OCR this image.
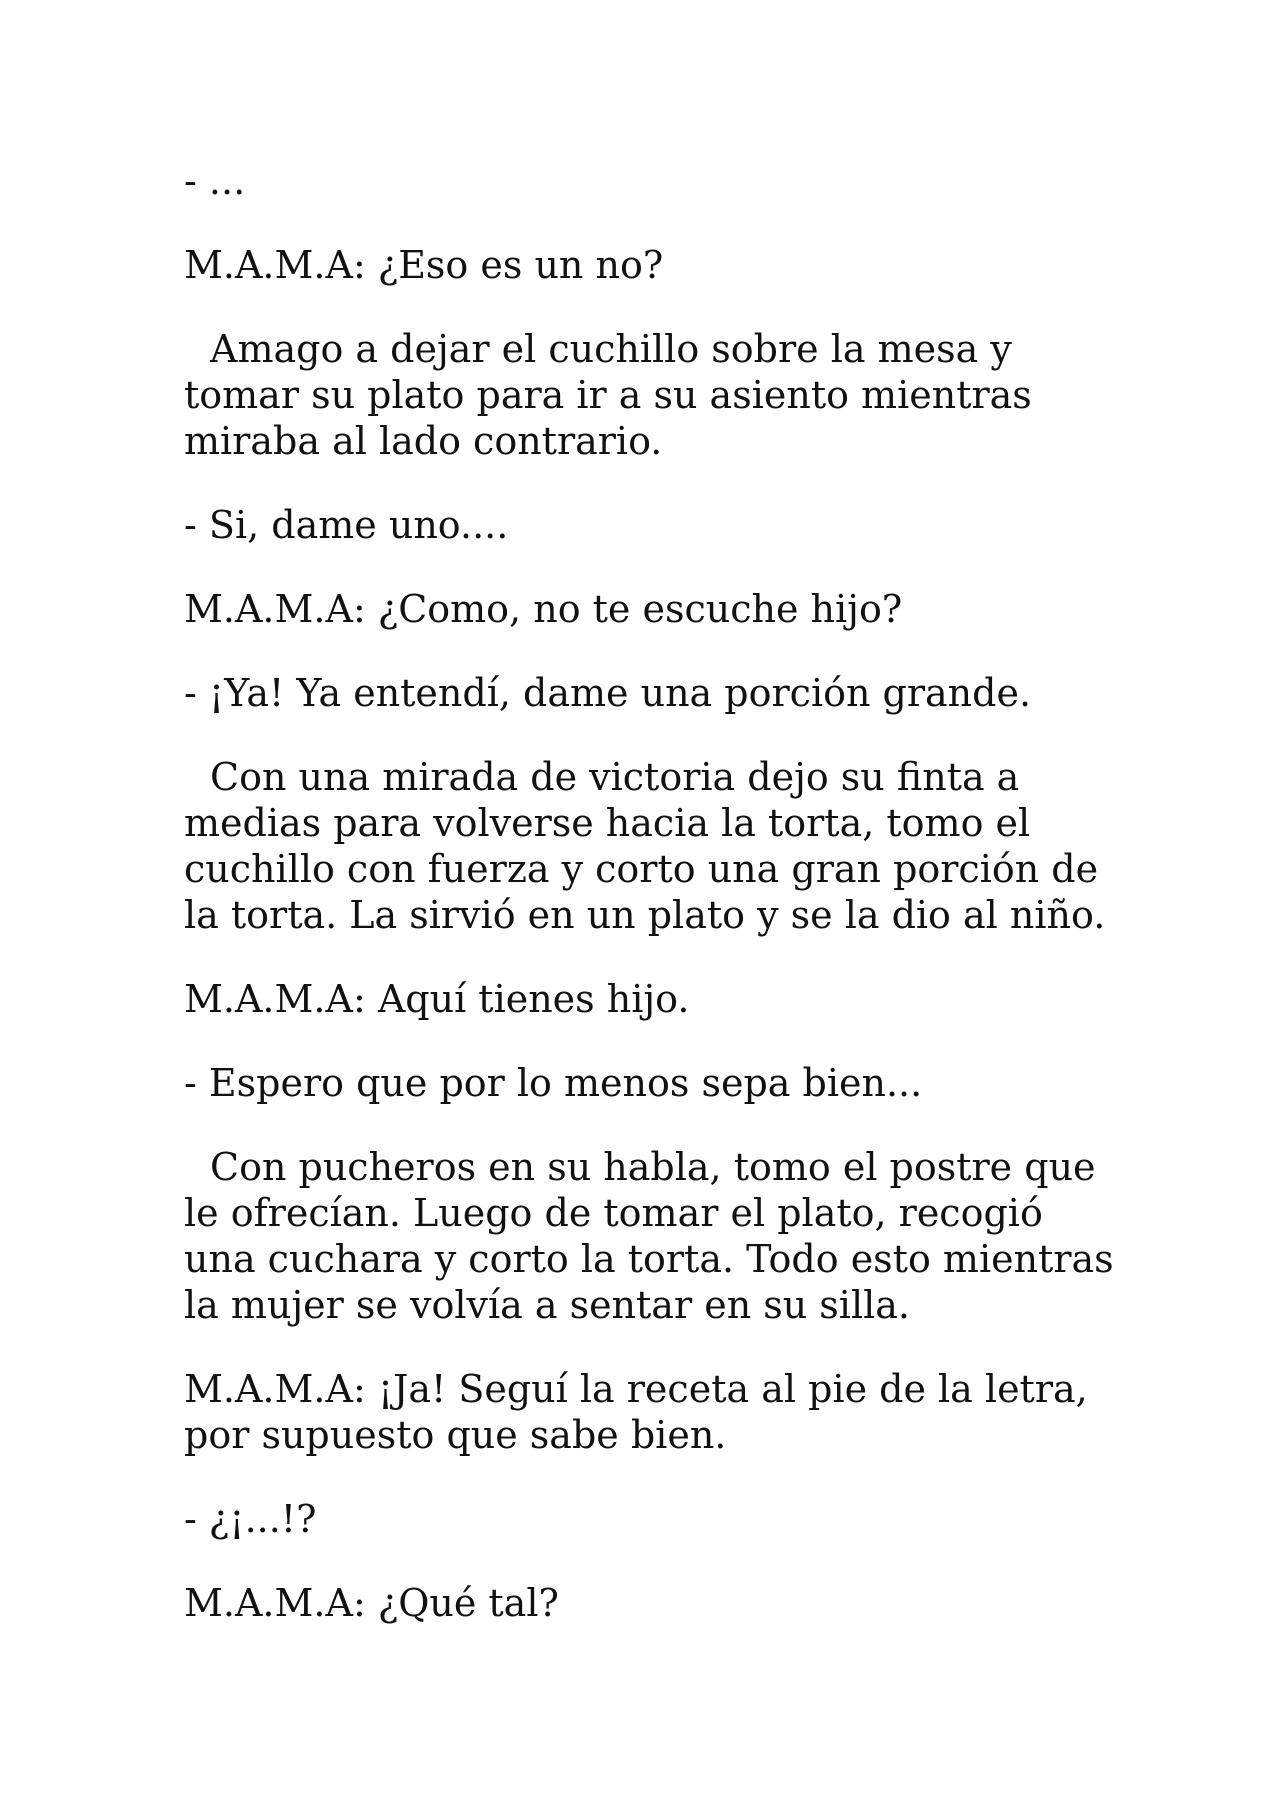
- ...

M.A.M.A: ¿Eso es un no?

Amago a dejar el cuchillo sobre la mesa y tomar su plato para ir a su asiento mientras miraba al lado contrario.

- Si, dame uno....

M.A.M.A: ¿Como, no te escuche hijo?

- ¡Ya! Ya entendí, dame una porción grande.

Con una mirada de victoria dejo su finta a medias para volverse hacia la torta, tomo el cuchillo con fuerza y corto una gran porción de la torta. La sirvió en un plato y se la dio al niño.

M.A.M.A: Aquí tienes hijo.

- Espero que por lo menos sepa bien...

Con pucheros en su habla, tomo el postre que le ofrecían. Luego de tomar el plato, recogió una cuchara y corto la torta. Todo esto mientras la mujer se volvía a sentar en su silla.

M.A.M.A: ¡Ja! Seguí la receta al pie de la letra, por supuesto que sabe bien.

- ¿¡...!?

M.A.M.A: ¿Qué tal?
